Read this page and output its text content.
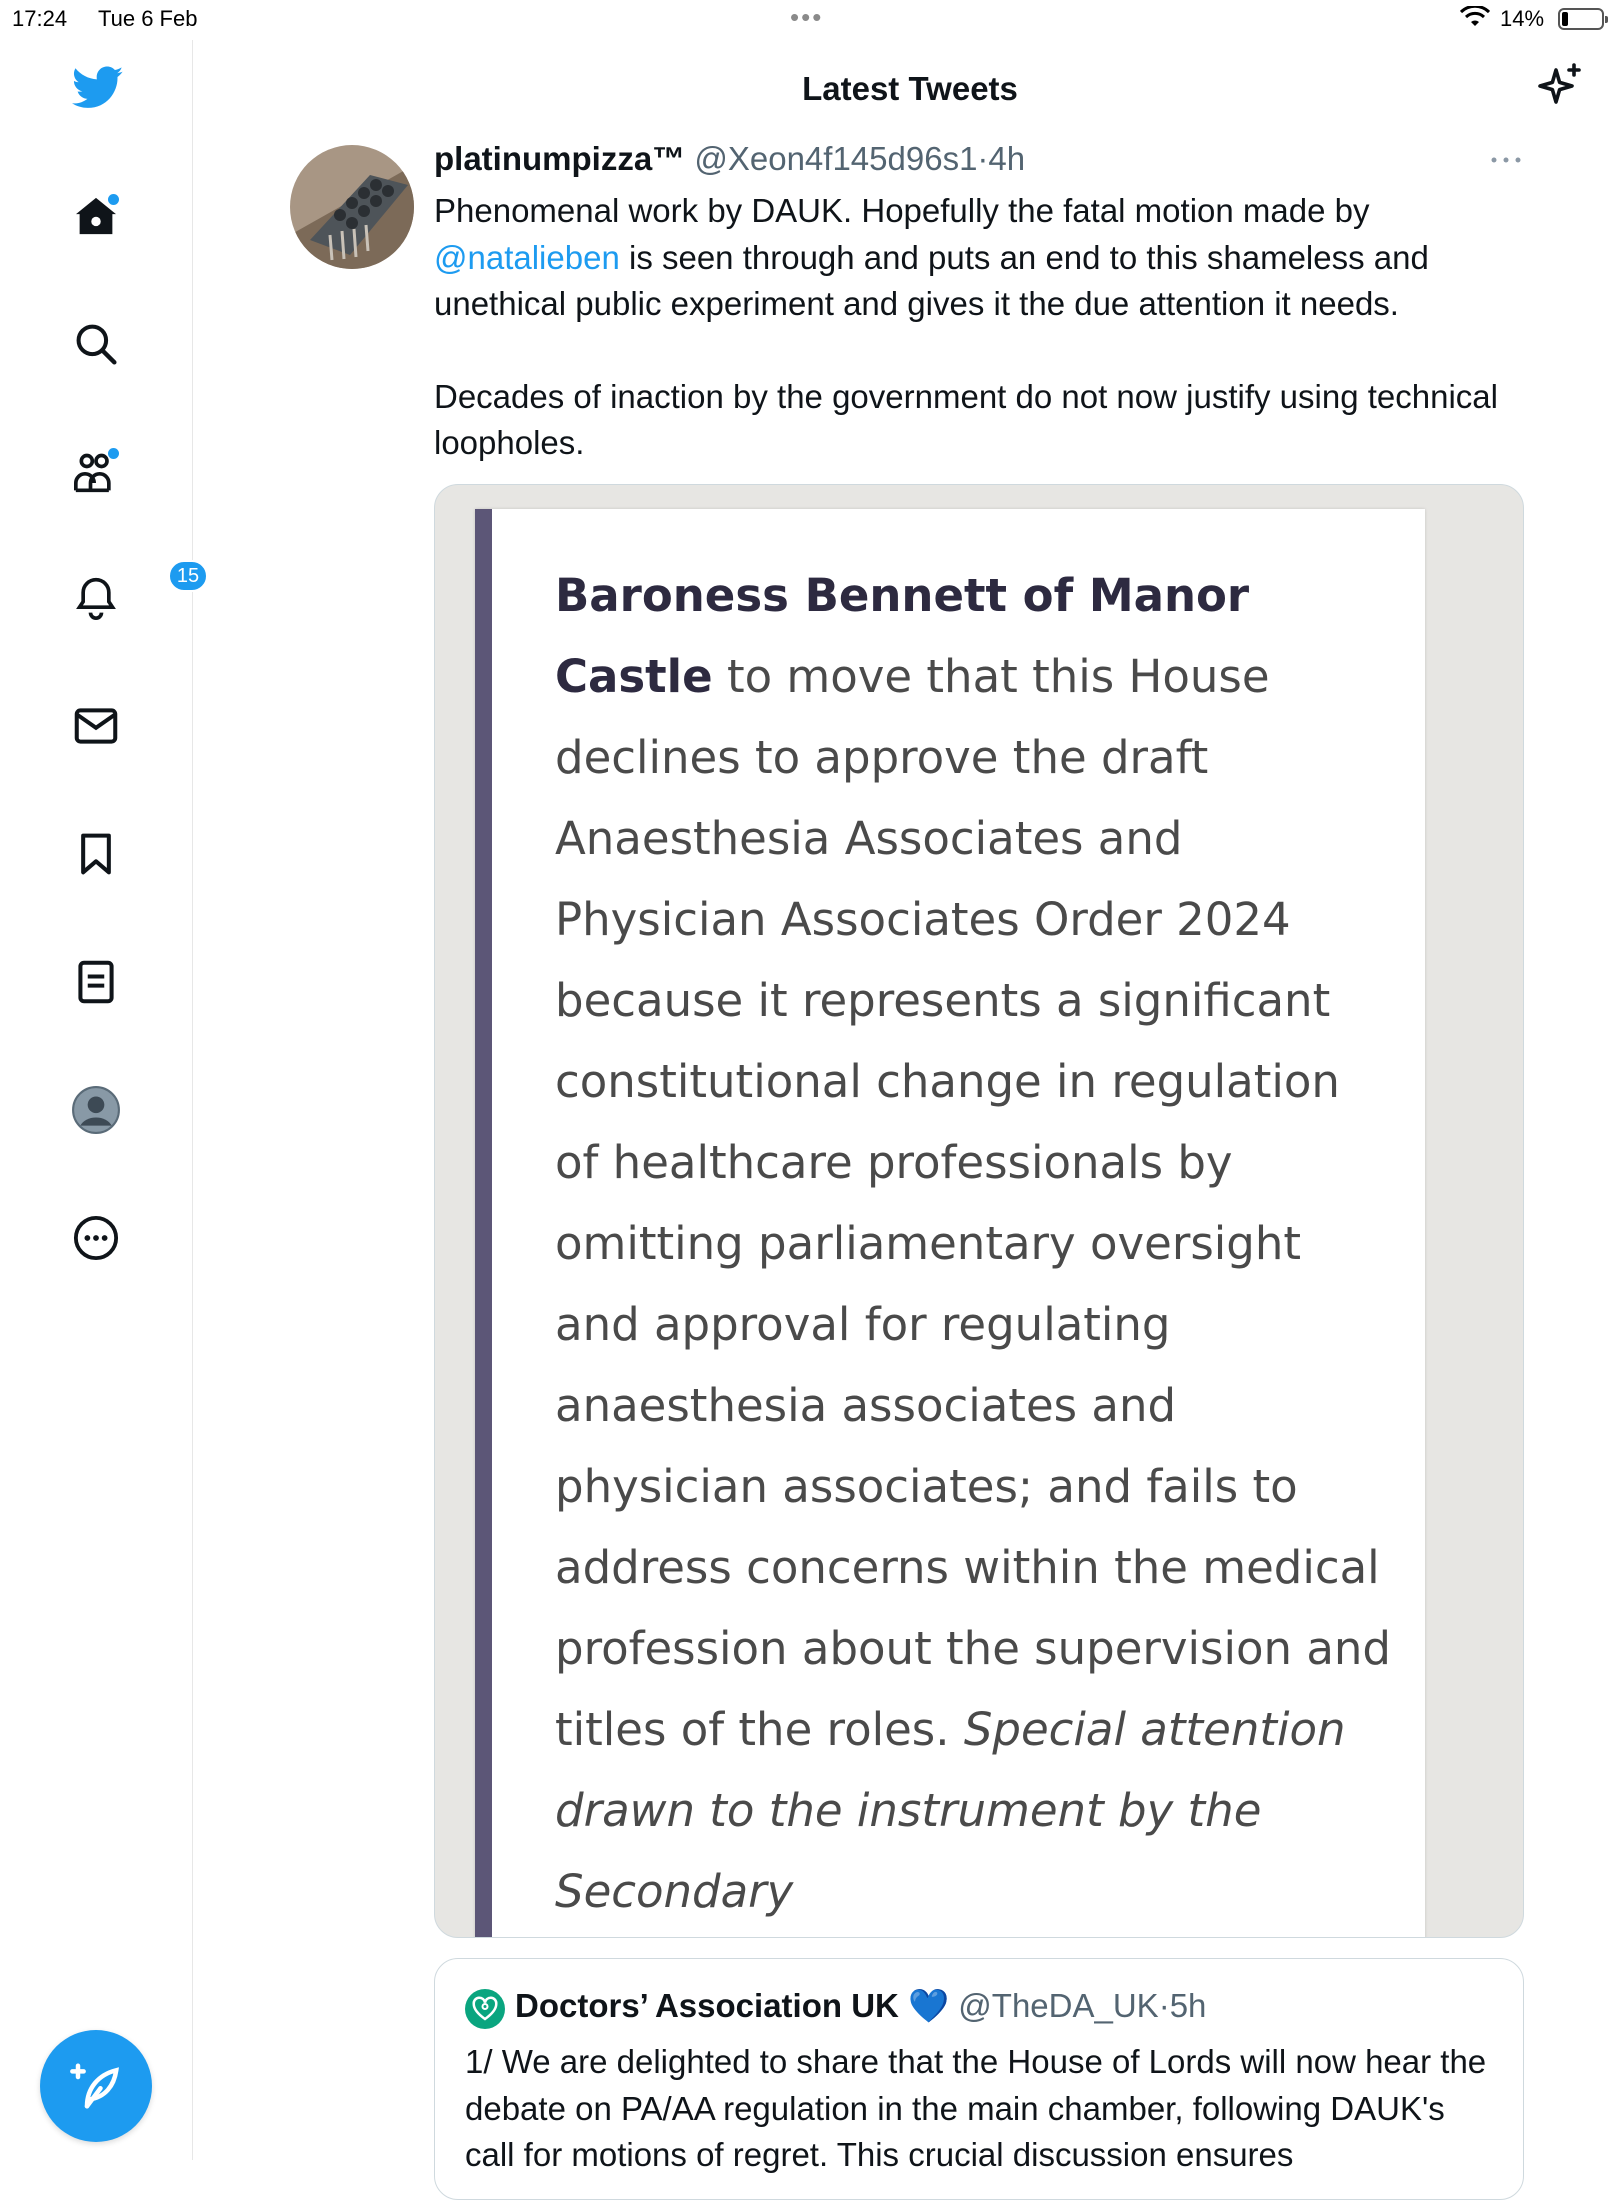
17:24 Tue 6 Feb	•••	14%
15
Latest Tweets
platinumpizza™ @Xeon4f145d96s1·4h

Phenomenal work by DAUK. Hopefully the fatal motion made by @natalieben is seen through and puts an end to this shameless and unethical public experiment and gives it the due attention it needs.

Decades of inaction by the government do not now justify using technical loopholes.

Baroness Bennett of Manor Castle to move that this House declines to approve the draft Anaesthesia Associates and Physician Associates Order 2024 because it represents a significant constitutional change in regulation of healthcare professionals by omitting parliamentary oversight and approval for regulating anaesthesia associates and physician associates; and fails to address concerns within the medical profession about the supervision and titles of the roles. Special attention drawn to the instrument by the Secondary
Doctors’ Association UK 💙 @TheDA_UK·5h
1/ We are delighted to share that the House of Lords will now hear the debate on PA/AA regulation in the main chamber, following DAUK's call for motions of regret. This crucial discussion ensures
